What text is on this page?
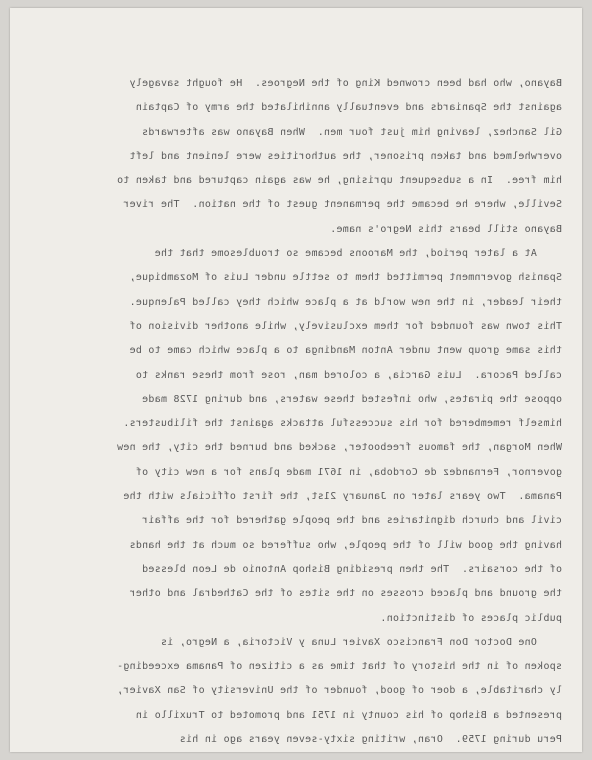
Bayano, who had been crowned King of the Negroes.  He fought savagely
against the Spaniards and eventually annihilated the army of Captain
Gil Sanchez, leaving him just four men.  When Bayano was afterwards
overwhelmed and taken prisoner, the authorities were lenient and left
him free.  In a subsequent uprising, he was again captured and taken to
Seville, where he became the permanent guest of the nation.  The river
Bayano still bears this Negro's name.
At a later period, the Maroons became so troublesome that the
Spanish government permitted them to settle under Luis of Mozambique,
their leader, in the new world at a place which they called Palenque.
This town was founded for them exclusively, while another division of
this same group went under Anton Mandinga to a place which came to be
called Pacora.  Luis Garcia, a colored man, rose from these ranks to
oppose the pirates, who infested these waters, and during 1728 made
himself remembered for his successful attacks against the filibusters.
When Morgan, the famous freebooter, sacked and burned the city, the new
governor, Fernandez de Cordoba, in 1671 made plans for a new city of
Panama.  Two years later on January 21st, the first officials with the
civil and church dignitaries and the people gathered for the affair
having the good will of the people, who suffered so much at the hands
of the corsairs.  The then presiding Bishop Antonio de Leon blessed
the ground and placed crosses on the sites of the Cathedral and other
public places of distinction.
One Doctor Don Francisco Xavier Luna y Victoria, a Negro, is
spoken of in the history of that time as a citizen of Panama exceeding-
ly charitable, a doer of good, founder of the University of San Xavier,
presented a Bishop of his county in 1751 and promoted to Truxillo in
Peru during 1759.  Oran, writing sixty-seven years ago in his
